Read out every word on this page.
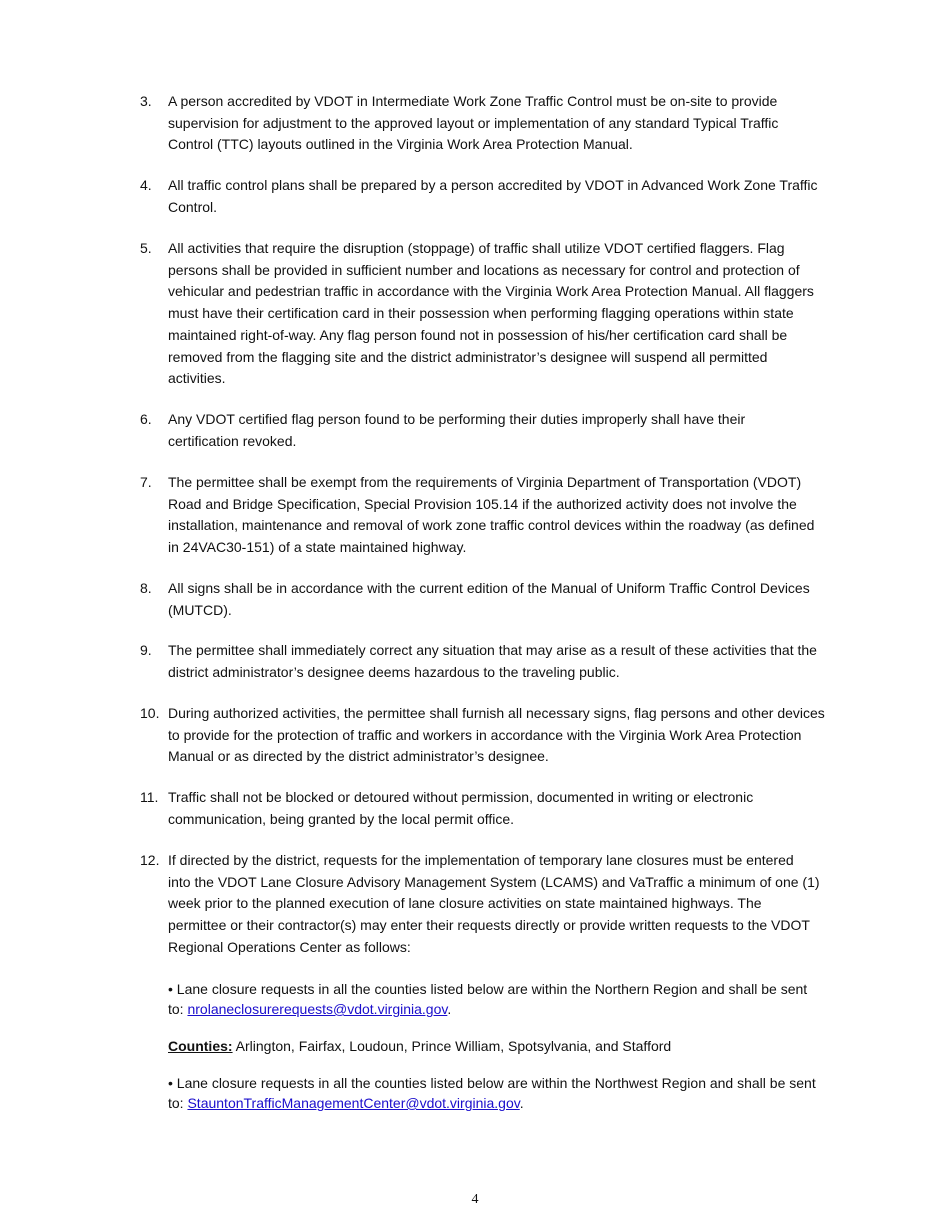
3. A person accredited by VDOT in Intermediate Work Zone Traffic Control must be on-site to provide
supervision for adjustment to the approved layout or implementation of any standard Typical Traffic
Control (TTC) layouts outlined in the Virginia Work Area Protection Manual.
4. All traffic control plans shall be prepared by a person accredited by VDOT in Advanced Work Zone Traffic
Control.
5. All activities that require the disruption (stoppage) of traffic shall utilize VDOT certified flaggers. Flag
persons shall be provided in sufficient number and locations as necessary for control and protection of
vehicular and pedestrian traffic in accordance with the Virginia Work Area Protection Manual. All flaggers
must have their certification card in their possession when performing flagging operations within state
maintained right-of-way. Any flag person found not in possession of his/her certification card shall be
removed from the flagging site and the district administrator’s designee will suspend all permitted
activities.
6. Any VDOT certified flag person found to be performing their duties improperly shall have their
certification revoked.
7. The permittee shall be exempt from the requirements of Virginia Department of Transportation (VDOT)
Road and Bridge Specification, Special Provision 105.14 if the authorized activity does not involve the
installation, maintenance and removal of work zone traffic control devices within the roadway (as defined
in 24VAC30-151) of a state maintained highway.
8. All signs shall be in accordance with the current edition of the Manual of Uniform Traffic Control Devices
(MUTCD).
9. The permittee shall immediately correct any situation that may arise as a result of these activities that the
district administrator’s designee deems hazardous to the traveling public.
10. During authorized activities, the permittee shall furnish all necessary signs, flag persons and other devices
to provide for the protection of traffic and workers in accordance with the Virginia Work Area Protection
Manual or as directed by the district administrator’s designee.
11. Traffic shall not be blocked or detoured without permission, documented in writing or electronic
communication, being granted by the local permit office.
12. If directed by the district, requests for the implementation of temporary lane closures must be entered
into the VDOT Lane Closure Advisory Management System (LCAMS) and VaTraffic a minimum of one (1)
week prior to the planned execution of lane closure activities on state maintained highways. The
permittee or their contractor(s) may enter their requests directly or provide written requests to the VDOT
Regional Operations Center as follows:
• Lane closure requests in all the counties listed below are within the Northern Region and shall be sent
to: nrolaneclosurerequests@vdot.virginia.gov.
Counties: Arlington, Fairfax, Loudoun, Prince William, Spotsylvania, and Stafford
• Lane closure requests in all the counties listed below are within the Northwest Region and shall be sent
to: StauntonTrafficManagementCenter@vdot.virginia.gov.
4
